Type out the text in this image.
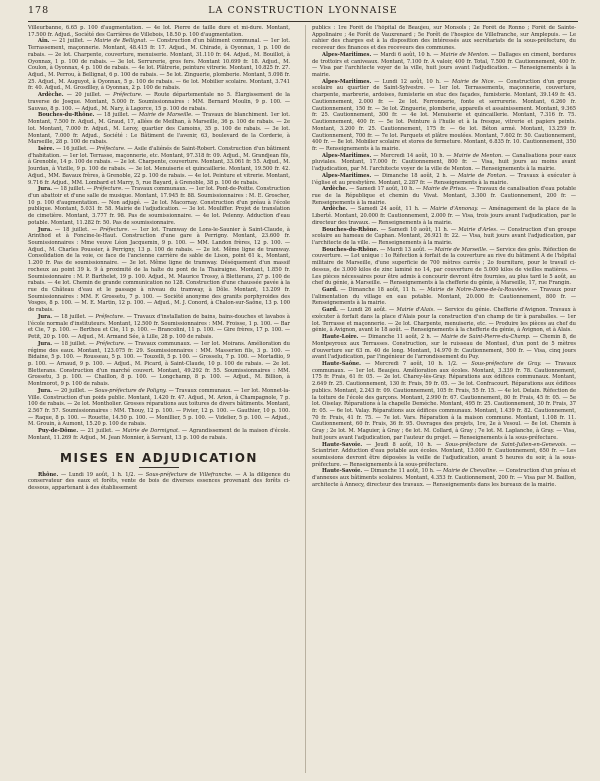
178	LA CONSTRUCTION LYONNAISE

Villeurbanne, 6.65 p. 100 d'augmentation. — 4e lot. Pierre de taille dure et mi-dure. Montant, 17.500 fr. Adjud., Société des Carrières de Villebois, 18.50 p. 100 d'augmentation.

Ain. — 21 juillet. — Mairie de Bellignat. — Construction d'un bâtiment communal. — 1er lot. Terrassement, maçonnerie. Montant, 48.415 fr. 17. Adjud., M. Chirade, à Oyonnax, 1 p. 100 de rabais. — 2e lot. Charpente, couverture, menuiserie. Montant, 31.110 fr. 64. Adjud., M. Bouillot, à Oyonnax, 1 p. 100 de rabais. — 3e lot. Serrurerie, gros fers. Montant 10.699 fr. 18. Adjud., M. Coulon, à Oyonnax, 4 p. 100 de rabais. — 4e lot. Plâtrerie, peinture vitrerie. Montant, 10.825 fr. 27. Adjud., M. Perrou, à Bellignat, 6 p. 100 de rabais. — 5e lot. Zinguerie, plomberie. Montant, 5.098 fr. 25. Adjud., M. Auguyot, à Oyonnax, 5 p. 100 de rabais. — 6e lot. Mobilier scolaire. Montant, 3.741 fr. 40. Adjud., M. Grosdlley, à Oyonnax, 2 p. 100 de rabais.

Ardèche. — 20 juillet. — Préfecture. — Route départementale no 5. Élargissement de la traverse de Josque. Montant, 5.000 fr. Soumissionnaires : MM. Bernard Moulin, 9 p. 100. — Sauvao, 8 p. 100. — Adjud., M. Nary, à Lagorce, 15 p. 100 de rabais.

Bouches-du-Rhône. — 18 juillet. — Mairie de Marseille. — Travaux de blanchiment. 1er lot. Montant, 7.500 fr. Adjud., M. Graud, 17, allées de Meilhan, à Marseille, 36 p. 100 de rabais. — 2e lot. Montant, 7.000 fr. Adjud., M. Leroy, quartier des Camoins, 35 p. 100 de rabais. — 3e lot. Montant, 7.000 fr. Adjud., Société : Le Bâtiment de l'avenir, 63, boulevard de la Corderie, à Marseille, 28 p. 100 de rabais.

Isère. — 16 juillet. — Préfecture. — Asile d'aliénés de Saint-Robert. Construction d'un bâtiment d'habitation. — 1er lot. Terrasse, maçonnerie, etc. Montant, 97.318 fr. 09. Adjud., M. Grandjean fils, à Grenoble, 14 p. 100 de rabais. — 2e lot. Charpente, couverture. Montant, 33.061 fr. 55. Adjud., M. Jourdan, à Vizille, 9 p. 100 de rabais. — 3e lot. Menuiserie et quincaillerie. Montant, 19.500 fr. 42. Adjud., MM. Bavaux frères, à Grenoble, 22 p. 100 de rabais. — 4e lot. Peinture et vitrerie. Montant, 9.716 fr. Adjud., MM. Lombard et Marry, 5, rue Bayard, à Grenoble, 38 p. 100 de rabais.

Jura. — 18 juillet. — Préfecture. — Travaux communaux. — 1er lot. Pont-de-Poitte. Construction d'un abattoir et d'une salle de musique. Montant, 17.945 fr. 88. Soumissionnaires : M. E. Groscher, 10 p. 100 d'augmentation. — Non adjugé. — 2e lot. Macornay. Construction d'un préau à l'école publique. Montant, 5.031 fr. 58. Mairie de l'adjudication. — 3e lot. Mouliffer. Projet de translation de cimetière. Montant, 3.777 fr. 98. Pas de soumissionnaire. — 4e lot. Pelenny. Adduction d'eau potable. Montant, 11.282 fr. 50. Pas de soumissionnaire.

Jura. — 18 juillet. — Préfecture. — 1er lot. Tramway de Lons-le-Saunier à Saint-Claude, à Arinthod et à Foncine-le-Haut. Construction d'une gare à Perrigny. Montant, 23.600 fr. Soumissionnaires : Mme veuve Léon Jacquemin, 9 p. 100. — MM. Landon frères, 12 p. 100. — Adjud., M. Charles Poussier, à Perrigny, 13 p. 100 de rabais. — 2e lot. Même ligne de tramway. Consolidation de la voie, ce face de l'ancienne carrière de sable de Lison, point 61 k., Montant, 1.200 fr. Pas de soumissionnaire. — 3e lot. Même ligne de tramway. Déséquement d'un massif rocheux au point 39 k. 9 à proximité de la halte du pont de la Thairaigne. Montant, 1.850 fr. Soumissionnaire : M. P. Barthelet, 19 p. 100. Adjud., M. Maurice Trossy, à Bletterans, 27 p. 100 de rabais. — 4e lot. Chemin de grande communication no 128. Construction d'une chaussée pavée à la rue du Château d'eau et le passage à niveau du tramway, à Dôle. Montant, 13.209 fr. Soumissionnaires : MM. F. Grossetu, 7 p. 100. — Société anonyme des granits porphyroides des Vosges, 8 p. 100. — M. E. Martin, 12 p. 100. — Adjud., M. J. Conord, à Chalon-sur-Saône, 13 p. 100 de rabais.

Jura. — 18 juillet. — Préfecture. — Travaux d'installation de bains, bains-douches et lavabos à l'école normale d'instituteurs. Montant, 12.500 fr. Soumissionnaires : MM. Froisse, 1 p. 100. — Bar et Cie, 7 p. 100. — Berthou et Cie, 11 p. 100. — Brancolini, 11 p. 100. — Gire frères, 17 p. 100. — Petit, 20 p. 100. — Adjud., M. Armand Sée, à Lille, 28 p. 100 de rabais.

Jura. — 18 juillet. — Préfecture. — Travaux communaux. — 1er lot. Moirans. Amélioration du régime des eaux. Montant, 123.075 fr. 29. Soumissionnaires : MM. Masserien fils, 3 p. 100. — Bidaine, 5 p. 100. — Rousseau, 5 p. 100. — Touzelli, 5 p. 100. — Grosselu, 7 p. 100. — Mortadiio, 9 p. 100. — Arnaud, 9 p. 100. — Adjud., M. Picard, à Saint-Claude, 10 p. 100 de rabais. — 2e lot. Bletterans. Construction d'un marché couvert. Montant, 49.292 fr. 55. Soumissionnaires : MM. Grossetu, 3 p. 100. — Chaillon, 8 p. 100. — Longchamp, 8 p. 100. — Adjud., M. Billion, à Montmorot, 9 p. 100 de rabais.

Jura. — 20 juillet. — Sous-préfecture de Poligny. — Travaux communaux. — 1er lot. Monnet-la-Ville. Construction d'un poids public. Montant, 1.420 fr. 47. Adjud., M. Arion, à Champagnole, 7 p. 100 de rabais. — 2e lot. Montholier. Grosses réparations aux toitures de divers bâtiments. Montant, 2.567 fr. 57. Soumissionnaires : MM. Thouy, 12 p. 100. — Pivier, 12 p. 100. — Gauthier, 10 p. 100. — Raque, 8 p. 100. — Rouette, 14.50 p. 100. — Monillier, 5 p. 100. — Videlier, 5 p. 100. — Adjud., M. Grouin, à Aumont, 15.20 p. 100 de rabais.

Puy-de-Dôme. — 21 juillet. — Mairie de Dormignat. — Agrandissement de la maison d'école. Montant, 11.269 fr. Adjud., M. Jean Monnier, à Servant, 13 p. 100 de rabais.

MISES EN ADJUDICATION

Rhône. — Lundi 19 août, 1 h. 1/2. — Sous-préfecture de Villefranche. — A la diligence du conservateur des eaux et forêts, vente de bois de diverses essences provenant des forêts ci-dessous, appartenant à des établissement

publics : 1re Forêt de l'hôpital de Beaujeu, sur Monsols ; 2e Forêt de Ronno ; Forêt de Sainte-Appolinaire ; 4e Forêt de Vauxrenard ; 5e Forêt de l'hospice de Villefranche, sur Amplepuis. — Le cahier des charges est à la disposition des intéressés aux secrétariats de la sous-préfecture, du receveur des finances et des receveurs des communes.

Alpes-Maritimes. — Mardi 6 août, 10 h. — Mairie de Menton. — Dallages en ciment, bordures de trottoirs et caniveaux. Montant, 7.100 fr. A valoir, 400 fr. Total, 7.500 fr. Cautionnement, 400 fr. — Visa par l'architecte voyer de la ville, huit jours avant l'adjudication. — Renseignements à la mairie.

Alpes-Maritimes. — Lundi 12 août, 10 h. — Mairie de Nice. — Construction d'un groupe scolaire au quartier de Saint-Sylvestre. — 1er lot. Terrassements, maçonnerie, couverture, charpente, marbrerie, ardoises, fumisterie en stuc des façades, fumisterie. Montant, 39.149 fr. 45. Cautionnement, 2.000 fr. — 2e lot. Ferronnerie, fonte et serrurerie. Montant, 6.260 fr. Cautionnement, 150 fr. — 3e lot. Zinguerie, plomberie, appareils et assainissement. Montant, 9.365 fr. 25. Cautionnement, 300 fr. — 4e lot. Menuiserie et quincaillerie. Montant, 7.316 fr. 75. Cautionnement, 400 fr. — 5e lot. Peinture à l'huile et à la fresque, vitrerie et papiers peints. Montant, 3.200 fr. 25. Cautionnement, 175 fr. — 6e lot. Béton armé. Montant, 13.259 fr. Cautionnement, 700 fr. — 7e lot. Parquets et plâtre moulées. Montant, 7.602 fr. 50. Cautionnement, 400 fr. — 8e lot. Mobilier scolaire et stores de fermeture. Montant, 6.835 fr. 10. Cautionnement, 350 fr. — Renseignements à la mairie.

Alpes-Maritimes. — Mercredi 14 août, 10 h. — Mairie de Menton. — Canalisations pour eaux pluviales. Montant, 17.000 fr. Cautionnement, 800 fr. — Visa, huit jours au moins avant l'adjudication, par M. l'architecte voyer de la ville de Menton. — Renseignements à la mairie.

Alpes-Maritimes. — Dimanche 18 août, 2 h. — Mairie de Fontan. — Travaux à exécuter à l'église et au presbytère. Montant, 2.287 fr. — Renseignements à la mairie.

Ardèche. — Samedi 17 août, 10 h. — Mairie de Privas. — Travaux de canalisation d'eau potable rue de la République et chemin du Vivat. Montant, 3.300 fr. Cautionnement, 200 fr. — Renseignements à la mairie.

Ardèche. — Samedi 24 août, 11 h. — Mairie d'Annonay. — Aménagement de la place de la Liberté. Montant, 20.000 fr. Cautionnement, 2.000 fr. — Visa, trois jours avant l'adjudication, par le directeur des travaux. — Renseignements à la mairie.

Bouches-du-Rhône. — Samedi 10 août, 11 h. — Mairie d'Arles. — Construction d'un groupe scolaire au hameau de Caphan. Montant, 26.921 fr. 22. — Visa, huit jours avant l'adjudication, par l'architecte de la ville. — Renseignements à la mairie.

Bouches-du-Rhône. — Mardi 13 août. — Mairie de Marseille. — Service des grès. Réfection de couverture. — Lot unique : 1o Réfection à forfait de la couverture au rive du bâtiment A de l'hôpital militaire de Marseille, d'une superficie de 700 mètres carrés ; 2o fourniture, pour le travail ci-dessus, de 3.000 kilos de zinc laminé no 14, par couverture de 5.000 kilos de vieilles matières. — Les pièces nécessaires pour être admis à concourir devront être fournies, au plus tard le 5 août, au chef du génie, à Marseille. — Renseignements à la chefferie du génie, à Marseille, 17, rue Frangin.

Gard. — Dimanche 18 août, 11 h. — Mairie de Notre-Dame-de-la-Rouvière. — Travaux pour l'alimentation du village en eau potable. Montant, 20.000 fr. Cautionnement, 800 fr. — Renseignements à la mairie.

Gard. — Lundi 26 août. — Mairie d'Alais. — Service du génie. Chefferie d'Avignon. Travaux à exécuter à forfait dans la place d'Alais pour la construction d'un champ de tir à paraballes. — 1er lot. Terrasse et maçonnerie. — 2e lot. Charpente, menuiserie, etc. — Produire les pièces au chef du génie, à Avignon, avant le 18 août. — Renseignements à la chefferie du génie, à Avignon, et à Alais.

Haute-Loire. — Dimanche 11 août, 2 h. — Mairie de Saint-Pierre-du-Champ. — Chemin 8, de Montpeyroux aux Terrasses. Construction, sur le ruisseau de Montuel, d'un pont de 5 mètres d'ouverture sur 63 m. 40 de long. Montant, 14.970 fr. Cautionnement, 500 fr. — Visa, cinq jours avant l'adjudication, par l'ingénieur de l'arrondissement du Puy.

Haute-Saône. — Mercredi 7 août, 10 h. 1/2. — Sous-préfecture de Gray. — Travaux communaux. — 1er lot. Beaujeu. Amélioration aux écoles. Montant, 3.339 fr. 78. Cautionnement, 175 fr. Frais, 61 fr. 05. — 2e lot. Charey-lès-Gray. Réparations aux édifices communaux. Montant, 2.649 fr. 25. Cautionnement, 130 fr. Frais, 59 fr. 05. — 3e lot. Confracourt. Réparations aux édifices publics. Montant, 2.243 fr. 09. Cautionnement, 105 fr. Frais, 55 fr. 15. — 4e lot. Delain. Réfection de la toiture de l'école des garçons. Montant, 2.990 fr. 67. Cautionnement, 80 fr. Frais, 45 fr. 05. — 5e lot. Oiselay. Réparations à la chapelle Deméche. Montant, 495 fr. 25. Cautionnement, 30 fr. Frais, 37 fr. 05. — 6e lot. Valay. Réparations aux édifices communaux. Montant, 1.439 fr. 82. Cautionnement, 70 fr. Frais, 41 fr. 75. — 7e lot. Vars. Réparation à la maison commune. Montant, 1.108 fr. 11. Cautionnement, 60 fr. Frais, 36 fr. 95. Ouvrages des projets, 1re, 2e à Vesoul. — 8e lot. Chemin à Gray ; 2e lot. M. Maguier, à Gray ; 6e lot. M. Collard, à Gray ; 7e lot. M. Laplanche, à Gray. — Visa, huit jours avant l'adjudication, par l'auteur du projet. — Renseignements à la sous-préfecture.

Haute-Savoie. — Jeudi 8 août, 10 h. — Sous-préfecture de Saint-Julien-en-Genevois. — Sciantrier. Adduction d'eau potable aux écoles. Montant, 13.000 fr. Cautionnement, 650 fr. — Les soumissions devront être déposées la veille de l'adjudication, avant 5 heures du soir, à la sous-préfecture. — Renseignements à la sous-préfecture.

Haute-Savoie. — Dimanche 11 août, 10 h. — Mairie de Chevaline. — Construction d'un préau et d'annexes aux bâtiments scolaires. Montant, 4.353 fr. Cautionnement, 200 fr. — Visa par M. Baillon, architecte à Annecy, directeur des travaux. — Renseignements dans les bureaux de la mairie.
